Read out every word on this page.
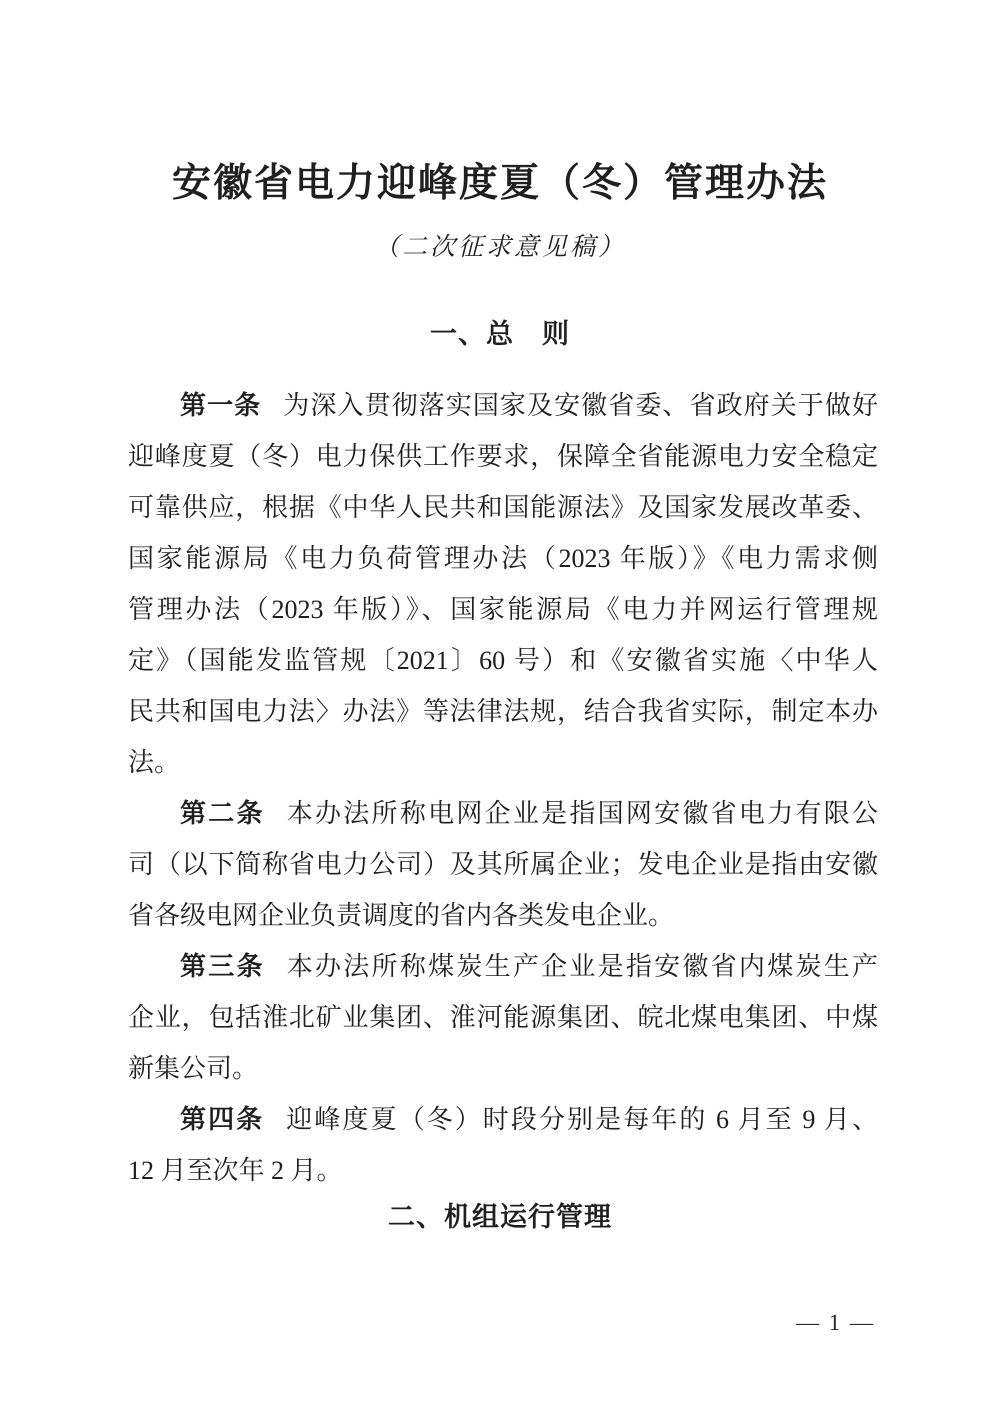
安徽省电力迎峰度夏（冬）管理办法
（二次征求意见稿）
一、总　则
第一条 为深入贯彻落实国家及安徽省委、省政府关于做好
迎峰度夏（冬）电力保供工作要求，保障全省能源电力安全稳定
可靠供应，根据《中华人民共和国能源法》及国家发展改革委、
国家能源局《电力负荷管理办法（2023 年版）》《电力需求侧
管理办法（2023 年版）》、国家能源局《电力并网运行管理规
定》（国能发监管规〔2021〕60 号）和《安徽省实施〈中华人
民共和国电力法〉办法》等法律法规，结合我省实际，制定本办
法。
第二条 本办法所称电网企业是指国网安徽省电力有限公
司（以下简称省电力公司）及其所属企业；发电企业是指由安徽
省各级电网企业负责调度的省内各类发电企业。
第三条 本办法所称煤炭生产企业是指安徽省内煤炭生产
企业，包括淮北矿业集团、淮河能源集团、皖北煤电集团、中煤
新集公司。
第四条 迎峰度夏（冬）时段分别是每年的 6 月至 9 月、
12 月至次年 2 月。
二、机组运行管理
— 1 —
